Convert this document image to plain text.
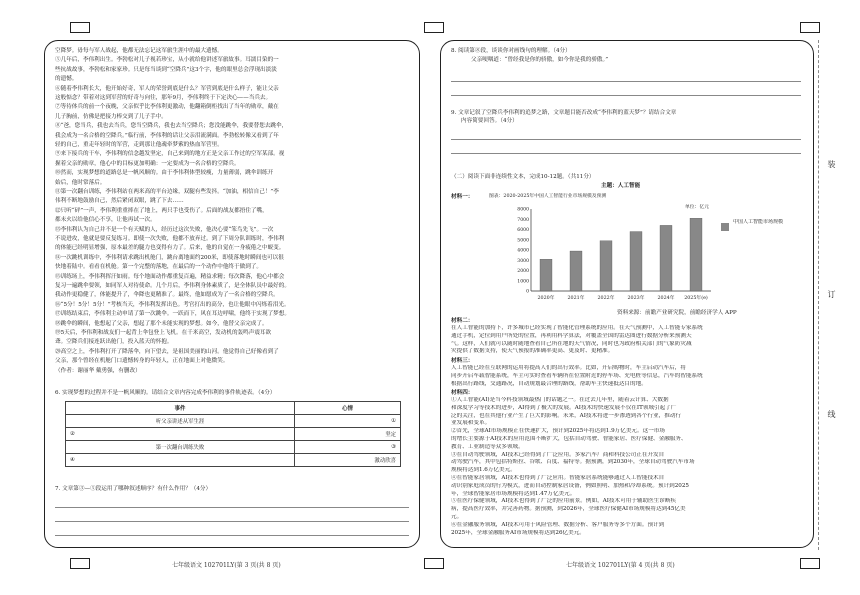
装
订
线
空降梦。毋每与军人战起，他都无法忘记这军旅生涯中的最大遗憾。
⑤几年后，李伟利出生。李勃松对儿子视若珍宝，从小就给他讲述军旅故事。耳濡目染的一
些抗战故事，李勃松和家家珍。只是每当谈到“空降兵”这3个字，他的眼里总会浮现出淡淡
的遗憾。
⑥随着李伟利长大，他开始好奇，军人的荣誉到底是什么？军营到底是什么样子，能让父亲
这般惦念？带着对这到军营的好奇与向往，那年9月，李伟利终于下定决心——当兵去。
⑦等待体兵的前一个夜晚，父亲似乎比李伟利更激动，他翻箱倒柜找出了当年的勋章，戴在
儿子胸前，仿佛是把接力棒交到了儿子手中。
⑧“爸，您当兵，我也去当兵，您当空降兵，我也去当空降兵；您没能跳伞，我要替您去跳伞，
我会成为一名合格的空降兵。”临行前，李伟利的话让父亲泪流满面。李勃松转像又看到了年
轻的自己，重走年轻时的军营，走到那让他魂牵梦萦的热血军营里。
⑨来下接兵的干车，李伟利的信念越发坚定，自己来到的地方正是父亲工作过的空军某部。视
握着父亲的勋章，他心中的目标更加明确：一定要成为一名合格的空降兵。
⑩然而，实现梦想的道路总是一帆风顺的。由于李伟利体型较瘦，力量薄弱，跳伞训练开
始后，他时常落后。
⑪第一次翻台训练，李伟利站在两米高的平台边缘，双腿有些发抖。“加油，相信自己！”李
伟利不断地鼓励自己，然后紧闭双眼，跳了下去……
⑫只听“砰”一声，李伟利重重摔在了地上，两只手也受伤了。后面的战友都捂住了嘴，
都未火以给他信心不享，让他再试一次。
⑬李伟利认为自己并不是一个有天赋的人，经历过这次失败，他决心要“笨鸟先飞”。一次
不说进攻，他就是要反复练习。即使一次失败，他都不放弃过。到了下周分队训练时，李伟利
的体能已经明显增强，原本最差的腿力也变得有力了。后来，他的自觉在一身疲倦之中蜕变。
⑭一次跳机训练中，李伟利请求跳出机舱门，跳台离地面约200米，即使落地时瞬间也可以很
快地着陆中。看看在机舱。第一个完整的落地，在最后的一个动作中他终于做到了。
⑮训练场上，李伟利挥汗如雨。每个地面动作都重复百遍，精益求精；每次降落，他心中都会
复习一遍跳伞要领，如同军人对待使命。几个月后，李伟利身体素质了，是全体队员中最好的。
我动作更稳健了，体能提升了，伞降也更精准了。最终，他如愿成为了一名合格的空降兵。
⑯“5分！5分！5分！”考核当天，李伟利发挥出色。考官打出的高分，也让他眼中闪烁着泪光。
⑰训练结束后，李伟利主动申请了第一次跳伞。一跃而下，风在耳边呼啸，他终于实现了梦想。
⑱跳伞的瞬间，他想起了父亲，想起了那个未能实现的梦想。如今，他替父亲完成了。
⑲5天后，李伟利和战友们一起背上伞包登上飞机。在千米高空，发动机的轰鸣声震耳欲
聋。空降兵们接连跃出舱门，投入蓝天的怀抱。
⑳高空之上，李伟利打开了降落伞，向下望去，是祖国美丽的山河。他觉得自己好像看到了
父亲，那个曾经在机舱门口遗憾转身的年轻人，正在地面上对他微笑。
（作者：谢丽华 戴勇强，有删改）
6. 实现梦想的过程并不是一帆风顺的。请结合文章内容完成李伟利的事件轨迹表。（4分）
事件	心情
听父亲讲述从军生涯	①
②	坚定
第一次翻台训练失败	③
④	激动欣喜
7. 文章第③—⑤段运用了哪种叙述顺序？有什么作用？（4分）
七年级语文 102701LY(第 3 页(共 8 页)
8. 阅读第⑧段，谈谈你对画线句的理解。（4分）
父亲哽咽道：“曾经我是你的骄傲，如今你是我的骄傲。”
9. 文章记叙了空降兵李伟利的追梦之路，文章题目能否改成“李伟利的蓝天梦”？请结合文章
内容简要回答。（4分）
（二）阅读下面非连续性文本，完成10-12题。（共11分）
主题：人工智能
材料一：	图表：2020-2025年中国人工智能行业市场规模及预测
单位：亿元
0
1000
2000
3000
4000
5000
6000
7000
8000
2020年	2021年	2022年	2023年	2024年 2025年(e)
中国人工智能市场规模
资料来源：前瞻产业研究院，前瞻经济学人 APP
材料二：
在人工智能的加持下，许多城市已经实现了智能化管理系统的应用。在天气预测中，人工智能专家系统
通过手机，定位到用户所处的位置，再利用科学算法，对覆盖全国的雷达图进行数据分析来预测天
气。这样，人们就可以随时随地查看自己所在地的天气情况，同时也为政府相关部门的气象防灾减
灾提供了数据支持，使天气预报的准确率更高、更及时、更精准。
材料三：
人工智能已经在互联网的运用将提高人们的出行效率。比如，开启购物时，车主启动汽车后，将
同步开启车载智能系统，车主可实时查看车辆所在位置附近的停车场、充电桩等信息，汽车的智能系统
根据出行路线，交通路况，自动规划最合理的路线，帮助车主快速抵达目的地。
材料四：
①人工智能(AI)是当今科技领域最热门的话题之一。在过去几年里，随着云计算、大数据
和深度学习等技术的进步，AI得到了极大的发展。AI技术的快速发展不仅在IT领域引起了广
泛的关注，也在其他行业产生了巨大的影响。未来，AI技术将进一步渗透到各个行业，推动行
业发展和变革。
②首先，全球AI市场规模正在快速扩大，预计到2025年将达到1.9万亿美元。这一市场
的增长主要源于AI技术的应用范围不断扩大，包括自动驾驶、智能家居、医疗保健、金融服务、
教育、工业制造等众多领域。
③在自动驾驶领域，AI技术已经得到了广泛应用。多家汽车厂商和科技公司正在开发自
动驾驶汽车，其中包括特斯拉、谷歌、百度、福特等。据预测，到2030年，全球自动驾驶汽车市场
规模将达到1.6万亿美元。
④在智能家居领域，AI技术也得到了广泛应用。智能家居系统能够通过人工智能技术自
动识别家庭成员的行为模式，进而自动控制家居设备，例如照明、加热和冷却系统。预计到2025
年，全球智能家居市场规模将达到1.47万亿美元。
⑤在医疗保健领域，AI技术也得到了广泛的应用前景。例如，AI技术可用于辅助医生诊断疾
病，提高医疗效率，并完善药物。据预测，到2026年，全球医疗保健AI市场规模将达到45亿美
元。
⑥在金融服务领域，AI技术可用于风险管理、数据分析、客户服务等多个方面。预计到
2025年，全球金融服务AI市场规模将达到26亿美元。
七年级语文 102701LY(第 4 页(共 8 页)
